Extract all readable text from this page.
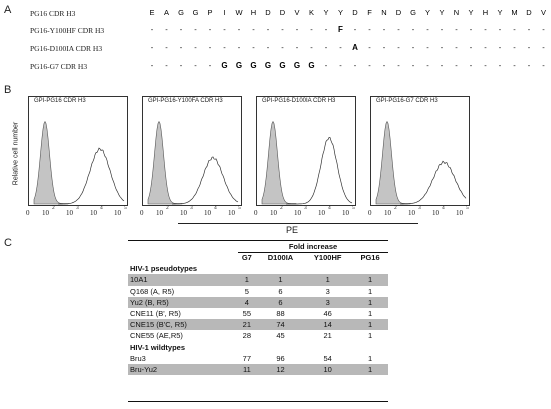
A
B
C
PG16 CDR H3	E	A	G	G	P	I	W	H	D	D	V	K	Y	Y	D	F	N	D	G	Y	Y	N	Y	H	Y	M	D	V
PG16-Y100HF CDR H3	-	-	-	-	-	-	-	-	-	-	-	-	-	F	-	-	-	-	-	-	-	-	-	-	-	-	-	-
PG16-D100IA CDR H3	-	-	-	-	-	-	-	-	-	-	-	-	-	-	A	-	-	-	-	-	-	-	-	-	-	-	-	-
PG16-G7 CDR H3	-	-	-	-	-	G	G	G	G	G	G	G	-	-	-	-	-	-	-	-	-	-	-	-	-	-	-	-
Relative cell number
GPI-PG16 CDR H3
0 10
2
10
3
10
4
10
5
GPI-PG16-Y100FA CDR H3
0 10
2
10
3
10
4
10
5
GPI-PG16-D100IA CDR H3
0 10
2
10
3
10
4
10
5
GPI-PG16-G7 CDR H3
0 10
2
10
3
10
4
10
5
PE
Fold increase
	G7	D100IA	Y100HF	PG16
HIV-1 pseudotypes				
10A1	1	1	1	1
Q168 (A, R5)	5	6	3	1
Yu2 (B, R5)	4	6	3	1
CNE11 (B', R5)	55	88	46	1
CNE15 (B'C, R5)	21	74	14	1
CNE55 (AE,R5)	28	45	21	1
HIV-1 wildtypes				
Bru3	77	96	54	1
Bru-Yu2	11	12	10	1
